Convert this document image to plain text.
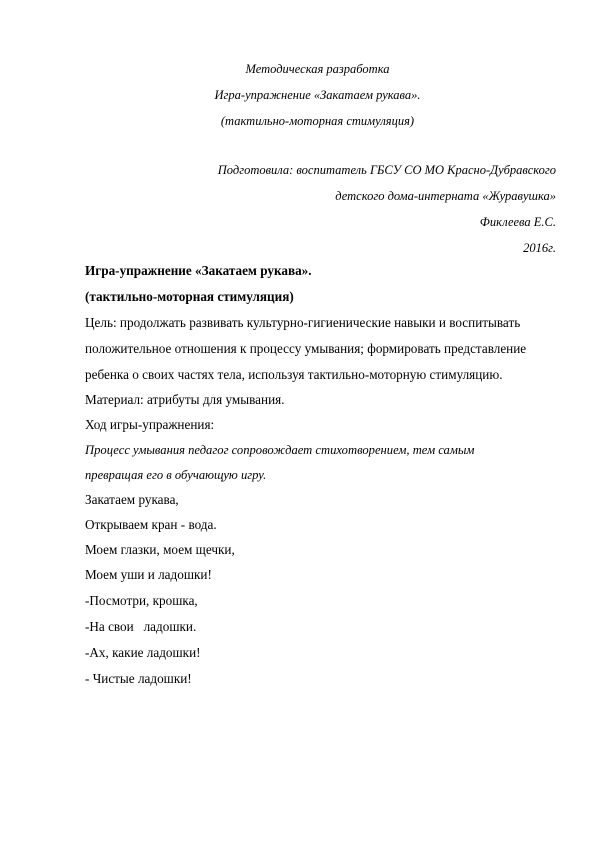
Методическая разработка
Игра-упражнение «Закатаем рукава».
(тактильно-моторная стимуляция)
Подготовила: воспитатель ГБСУ СО МО Красно-Дубравского
детского дома-интерната «Журавушка»
Фиклеева Е.С.
2016г.
Игра-упражнение «Закатаем рукава».
(тактильно-моторная стимуляция)
Цель: продолжать развивать культурно-гигиенические навыки и воспитывать
положительное отношения к процессу умывания; формировать представление
ребенка о своих частях тела, используя тактильно-моторную стимуляцию.
Материал: атрибуты для умывания.
Ход игры-упражнения:
Процесс умывания педагог сопровождает стихотворением, тем самым
превращая его в обучающую игру.
Закатаем рукава,
Открываем кран - вода.
Моем глазки, моем щечки,
Моем уши и ладошки!
-Посмотри, крошка,
-На свои   ладошки.
-Ах, какие ладошки!
- Чистые ладошки!
